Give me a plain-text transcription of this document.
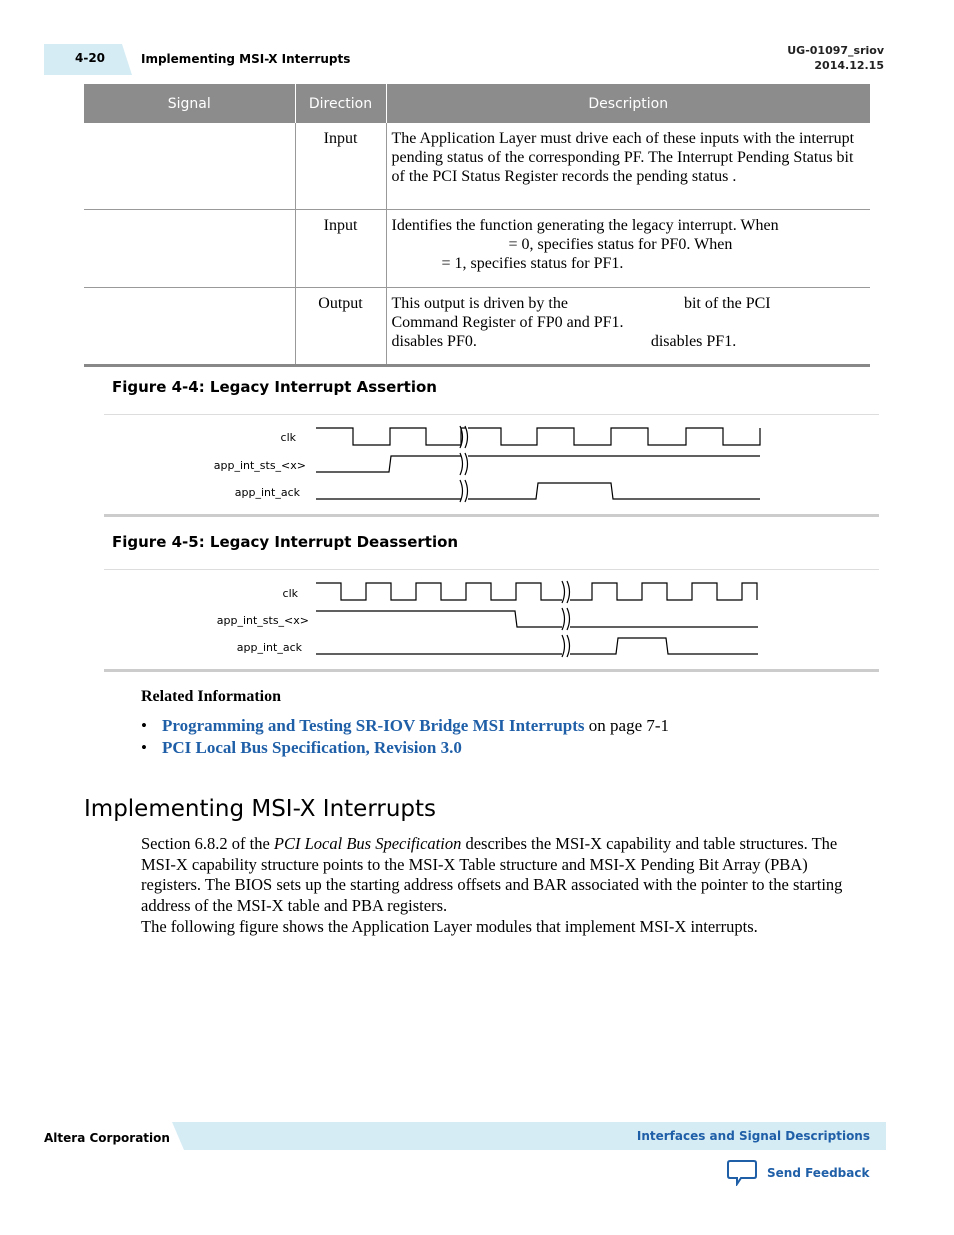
4-20	Implementing MSI-X Interrupts
UG-01097_sriov
2014.12.15
Signal	Direction	Description
	Input	The Application Layer must drive each of these inputs with the interrupt pending status of the corresponding PF. The Interrupt Pending Status bit of the PCI Status Register records the pending status .
	Input	Identifies the function generating the legacy interrupt. When
= 0, specifies status for PF0. When
= 1, specifies status for PF1.

	Output	This output is driven by the bit of the PCI
Command Register of FP0 and PF1.
disables PF0. disables PF1.
Figure 4-4: Legacy Interrupt Assertion
clk
app_int_sts_<x>
app_int_ack
Figure 4-5: Legacy Interrupt Deassertion
clk
app_int_sts_<x>
app_int_ack
Related Information
• Programming and Testing SR-IOV Bridge MSI Interrupts on page 7-1
• PCI Local Bus Specification, Revision 3.0
Implementing MSI-X Interrupts

Section 6.8.2 of the PCI Local Bus Specification describes the MSI-X capability and table structures. The MSI-X capability structure points to the MSI-X Table structure and MSI-X Pending Bit Array (PBA) registers. The BIOS sets up the starting address offsets and BAR associated with the pointer to the starting address of the MSI-X table and PBA registers.

The following figure shows the Application Layer modules that implement MSI-X interrupts.

Altera Corporation	Interfaces and Signal Descriptions
Send Feedback
